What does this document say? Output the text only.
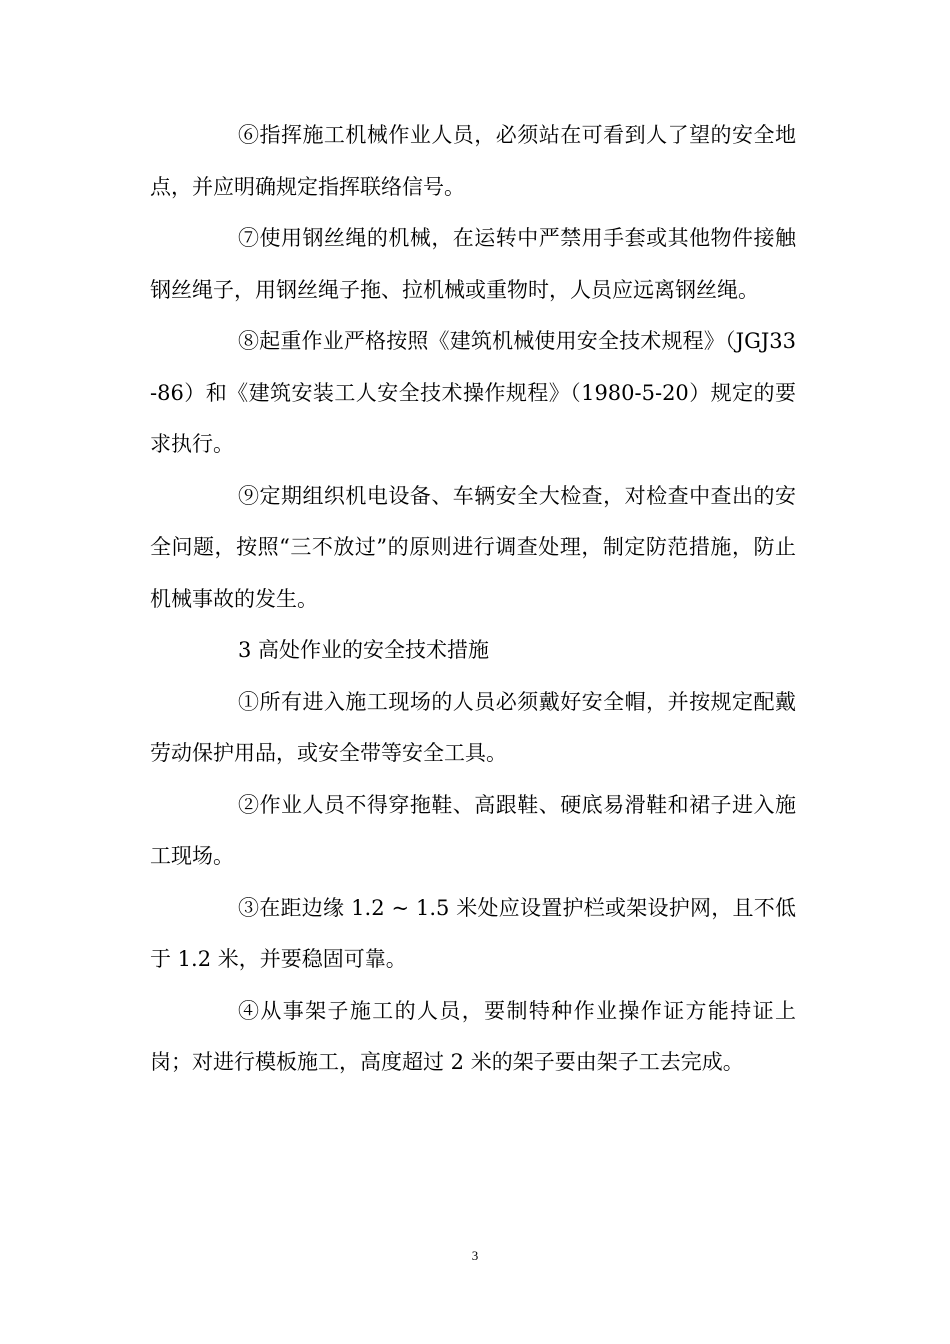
⑥指挥施工机械作业人员，必须站在可看到人了望的安全地点，并应明确规定指挥联络信号。

⑦使用钢丝绳的机械，在运转中严禁用手套或其他物件接触钢丝绳子，用钢丝绳子拖、拉机械或重物时，人员应远离钢丝绳。

⑧起重作业严格按照《建筑机械使用安全技术规程》（JGJ33-86）和《建筑安装工人安全技术操作规程》（1980-5-20）规定的要求执行。

⑨定期组织机电设备、车辆安全大检查，对检查中查出的安全问题，按照“三不放过”的原则进行调查处理，制定防范措施，防止机械事故的发生。

3 高处作业的安全技术措施

①所有进入施工现场的人员必须戴好安全帽，并按规定配戴劳动保护用品，或安全带等安全工具。

②作业人员不得穿拖鞋、高跟鞋、硬底易滑鞋和裙子进入施工现场。

③在距边缘 1.2 ~ 1.5 米处应设置护栏或架设护网，且不低于 1.2 米，并要稳固可靠。

④从事架子施工的人员，要制特种作业操作证方能持证上岗；对进行模板施工，高度超过 2 米的架子要由架子工去完成。

3
